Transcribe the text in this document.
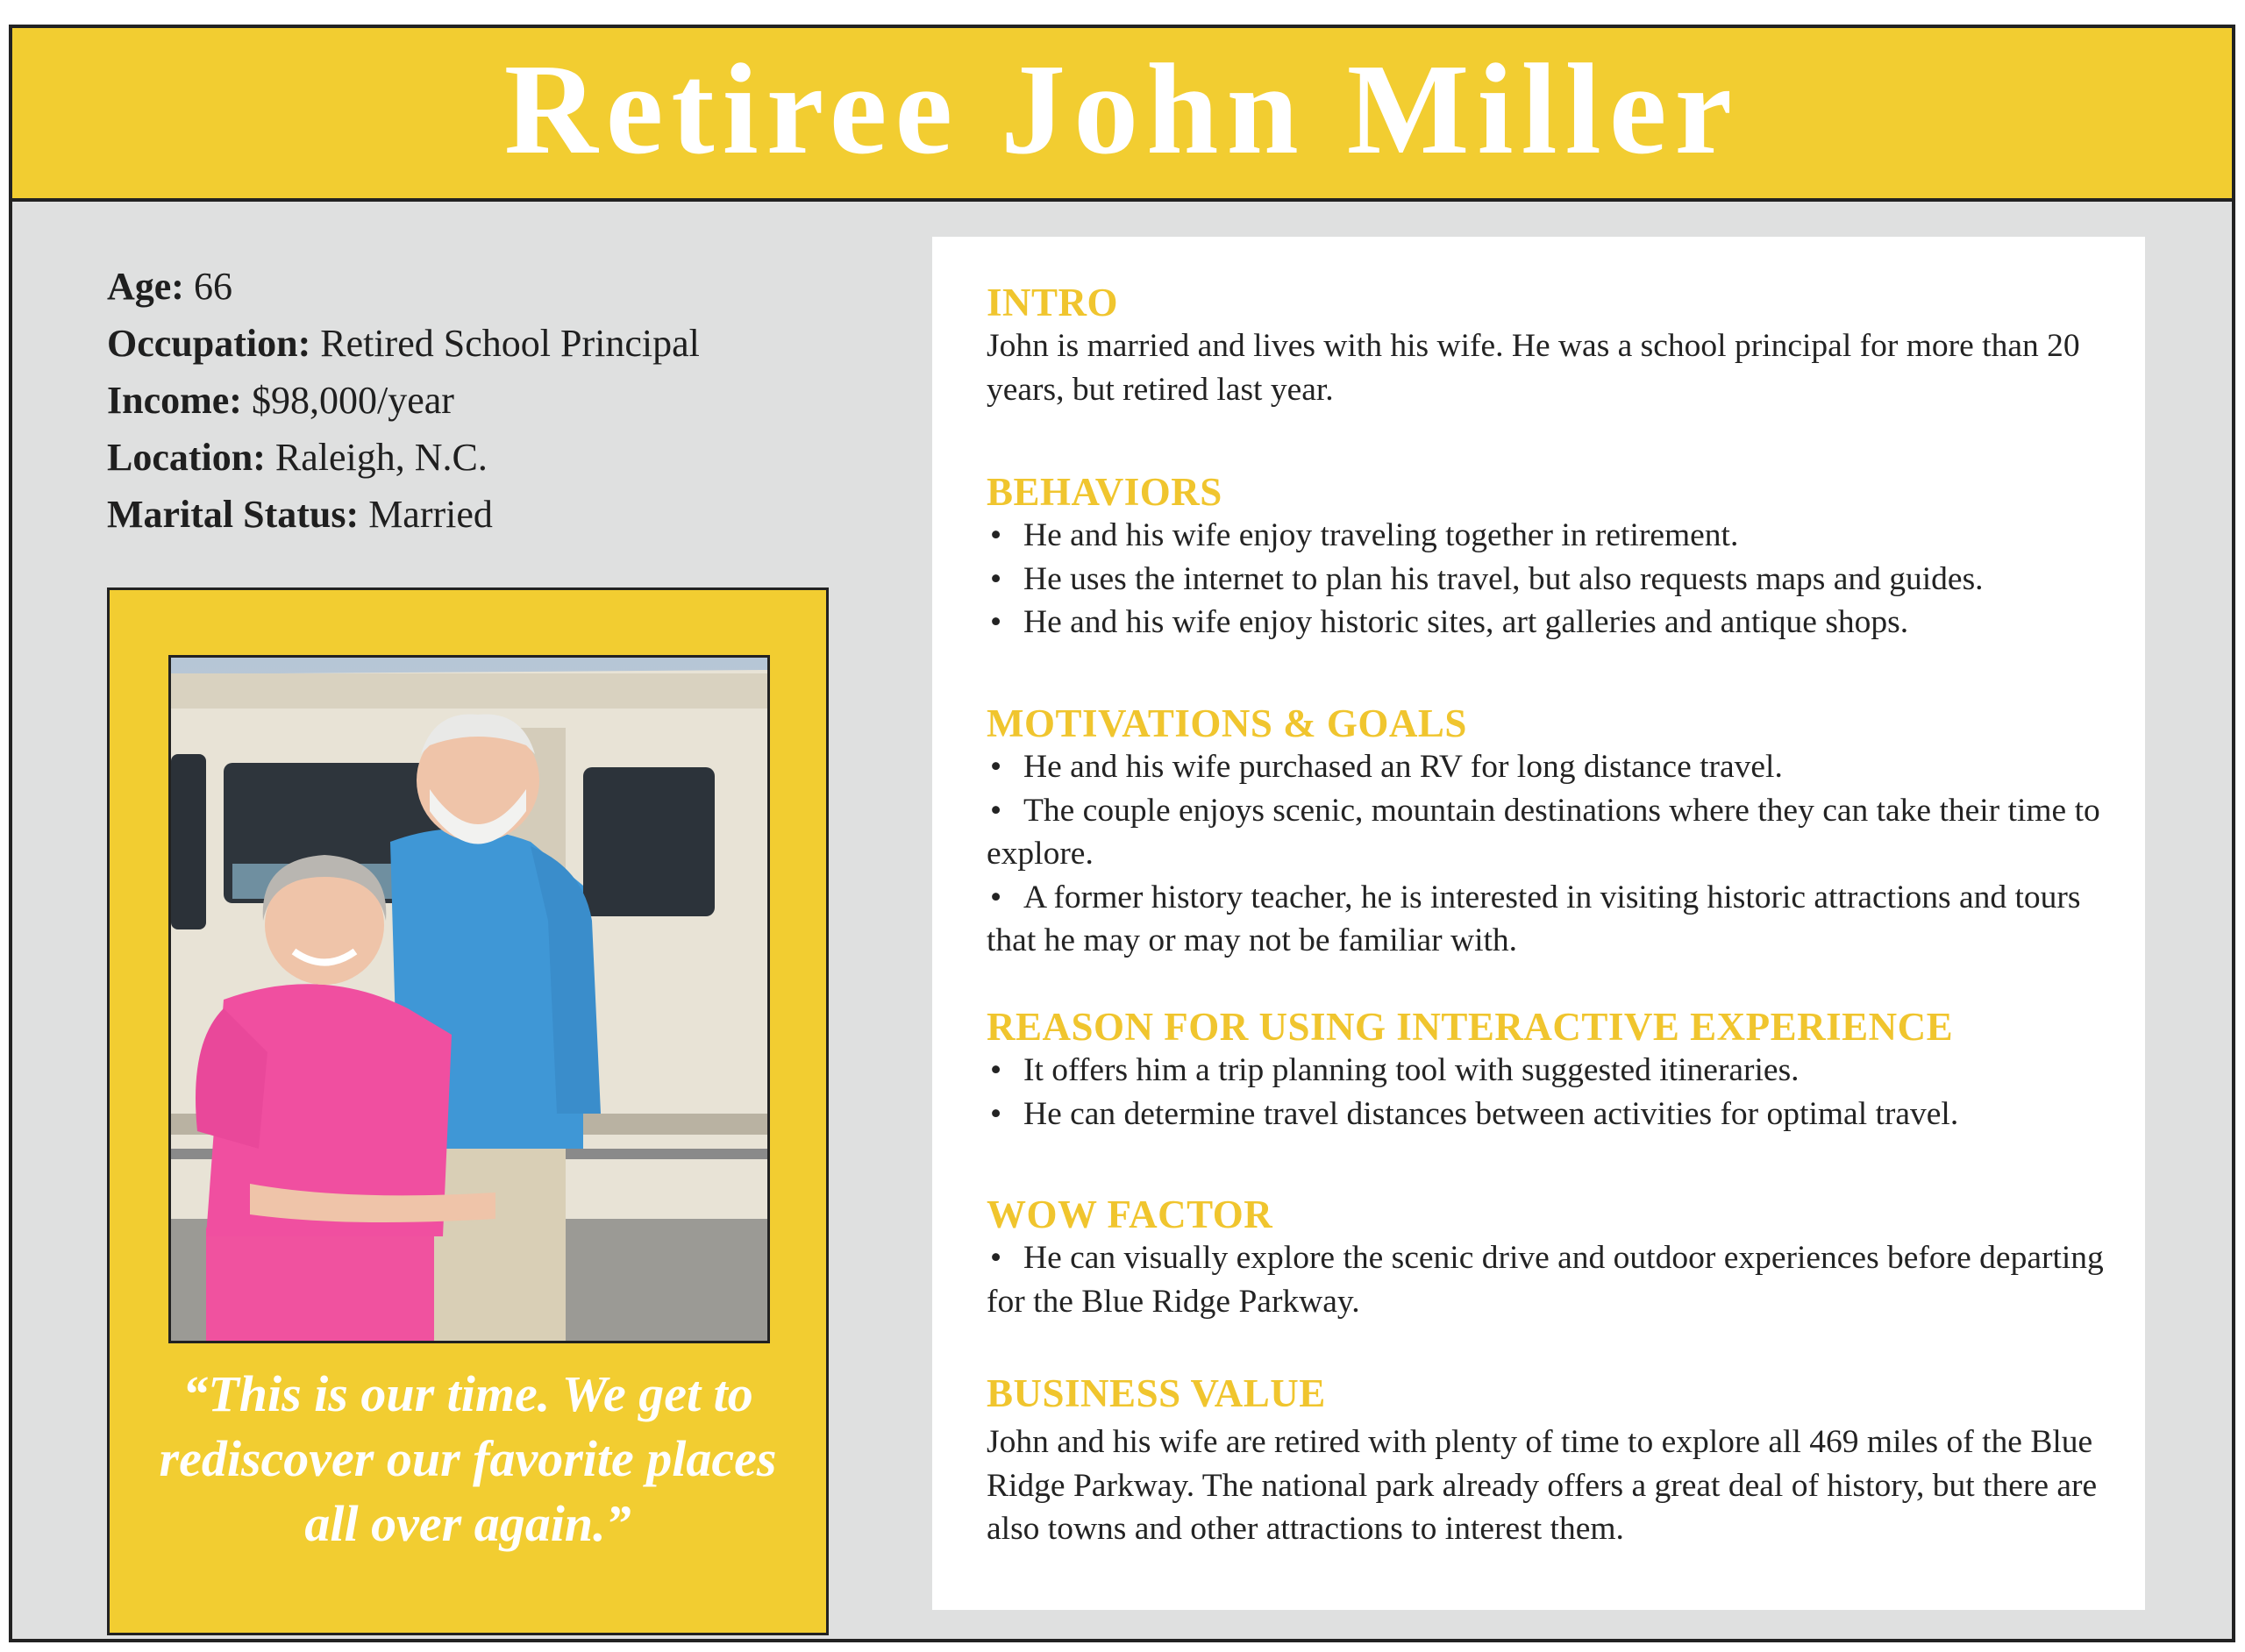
Retiree John Miller
Age: 66
Occupation: Retired School Principal
Income: $98,000/year
Location: Raleigh, N.C.
Marital Status: Married
“This is our time. We get to
rediscover our favorite places
all over again.”
INTRO
John is married and lives with his wife. He was a school principal for more than 20 years, but retired last year.
BEHAVIORS
• He and his wife enjoy traveling together in retirement.
• He uses the internet to plan his travel, but also requests maps and guides.
• He and his wife enjoy historic sites, art galleries and antique shops.
MOTIVATIONS & GOALS
• He and his wife purchased an RV for long distance travel.
• The couple enjoys scenic, mountain destinations where they can take their time to explore.
• A former history teacher, he is interested in visiting historic attractions and tours that he may or may not be familiar with.
REASON FOR USING INTERACTIVE EXPERIENCE
• It offers him a trip planning tool with suggested itineraries.
• He can determine travel distances between activities for optimal travel.
WOW FACTOR
• He can visually explore the scenic drive and outdoor experiences before departing for the Blue Ridge Parkway.
BUSINESS VALUE
John and his wife are retired with plenty of time to explore all 469 miles of the Blue Ridge Parkway. The national park already offers a great deal of history, but there are also towns and other attractions to interest them.
